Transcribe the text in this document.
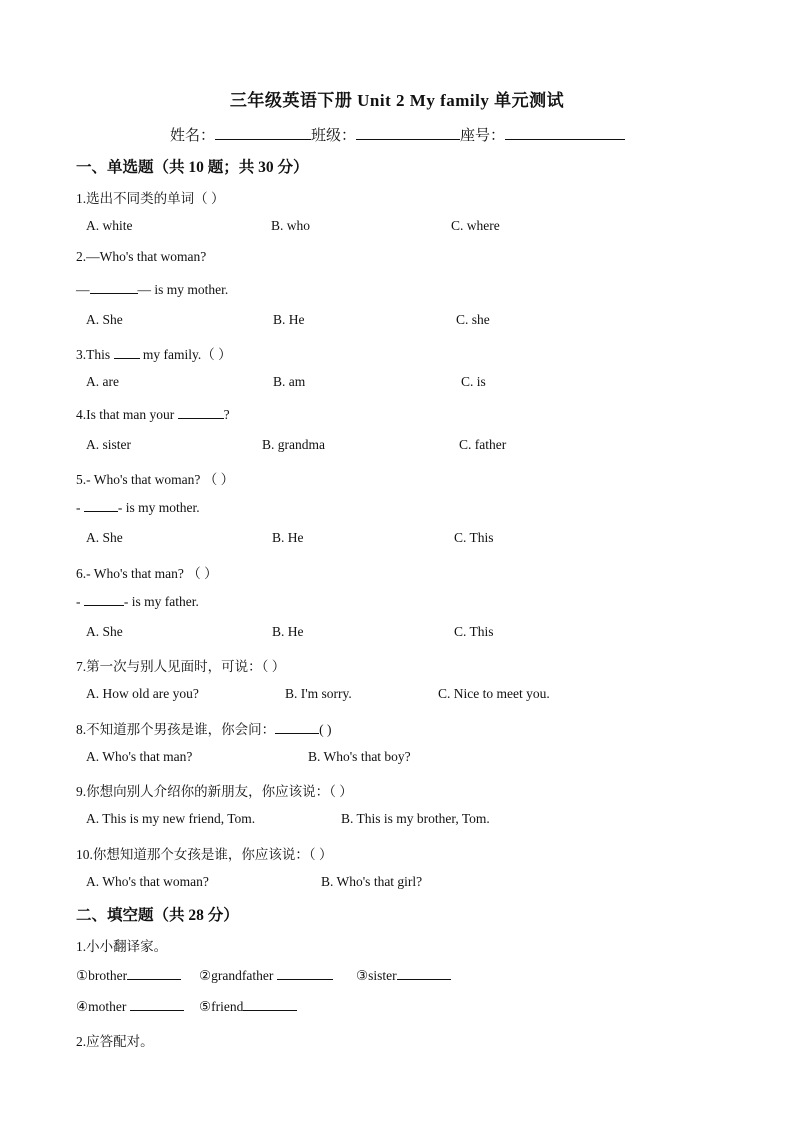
三年级英语下册 Unit 2 My family 单元测试
姓名：	班级：	座号：
一、单选题（共 10 题；共 30 分）
1.选出不同类的单词（ ）
A. white	B. who	C. where
2.—Who's that woman?
—	— is my mother.
A. She	B. He	C. she
3.This  my family.（ ）
A. are	B. am	C. is
4.Is that man your	?
A. sister	B. grandma	C. father
5.- Who's that woman? （ ）
-	- is my mother.
A. She	B. He	C. This
6.- Who's that man? （ ）
-	- is my father.
A. She	B. He	C. This
7.第一次与别人见面时，可说：（ ）
A. How old are you?	B. I'm sorry.	C. Nice to meet you.
8.不知道那个男孩是谁，你会问：	( )
A. Who's that man?	B. Who's that boy?
9.你想向别人介绍你的新朋友，你应该说：（ ）
A. This is my new friend, Tom.	B. This is my brother, Tom.
10.你想知道那个女孩是谁，你应该说：（ ）
A. Who's that woman?	B. Who's that girl?
二、填空题（共 28 分）
1.小小翻译家。
①brother	②grandfather	③sister
④mother	⑤friend
2.应答配对。
